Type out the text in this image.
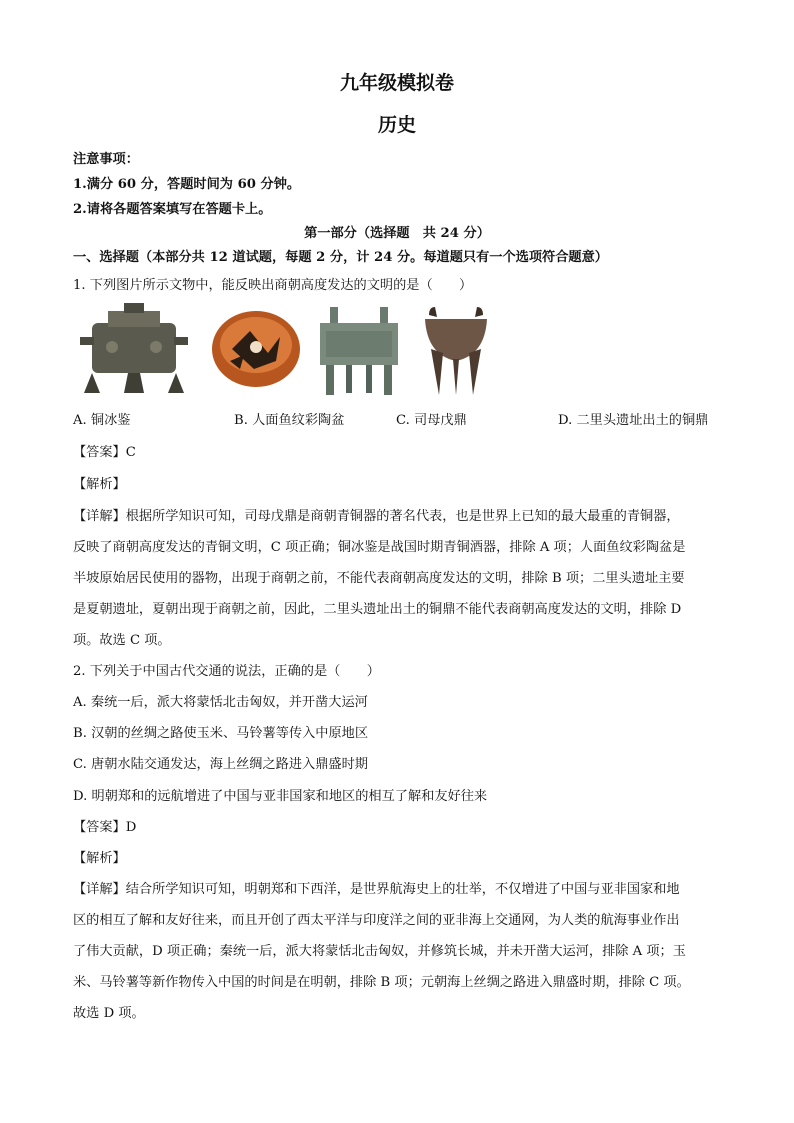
九年级模拟卷
历史
注意事项：
1.满分 60 分，答题时间为 60 分钟。
2.请将各题答案填写在答题卡上。
第一部分（选择题　共 24 分）
一、选择题（本部分共 12 道试题，每题 2 分，计 24 分。每道题只有一个选项符合题意）
1. 下列图片所示文物中，能反映出商朝高度发达的文明的是（　　）
A. 铜冰鉴	B. 人面鱼纹彩陶盆	C. 司母戊鼎	D. 二里头遗址出土的铜鼎
【答案】C
【解析】
【详解】根据所学知识可知，司母戊鼎是商朝青铜器的著名代表，也是世界上已知的最大最重的青铜器，
反映了商朝高度发达的青铜文明，C 项正确；铜冰鉴是战国时期青铜酒器，排除 A 项；人面鱼纹彩陶盆是
半坡原始居民使用的器物，出现于商朝之前，不能代表商朝高度发达的文明，排除 B 项；二里头遗址主要
是夏朝遗址，夏朝出现于商朝之前，因此，二里头遗址出土的铜鼎不能代表商朝高度发达的文明，排除 D
项。故选 C 项。
2. 下列关于中国古代交通的说法，正确的是（　　）
A. 秦统一后，派大将蒙恬北击匈奴，并开凿大运河
B. 汉朝的丝绸之路使玉米、马铃薯等传入中原地区
C. 唐朝水陆交通发达，海上丝绸之路进入鼎盛时期
D. 明朝郑和的远航增进了中国与亚非国家和地区的相互了解和友好往来
【答案】D
【解析】
【详解】结合所学知识可知，明朝郑和下西洋，是世界航海史上的壮举，不仅增进了中国与亚非国家和地
区的相互了解和友好往来，而且开创了西太平洋与印度洋之间的亚非海上交通网，为人类的航海事业作出
了伟大贡献，D 项正确；秦统一后，派大将蒙恬北击匈奴，并修筑长城，并未开凿大运河，排除 A 项；玉
米、马铃薯等新作物传入中国的时间是在明朝，排除 B 项；元朝海上丝绸之路进入鼎盛时期，排除 C 项。
故选 D 项。
